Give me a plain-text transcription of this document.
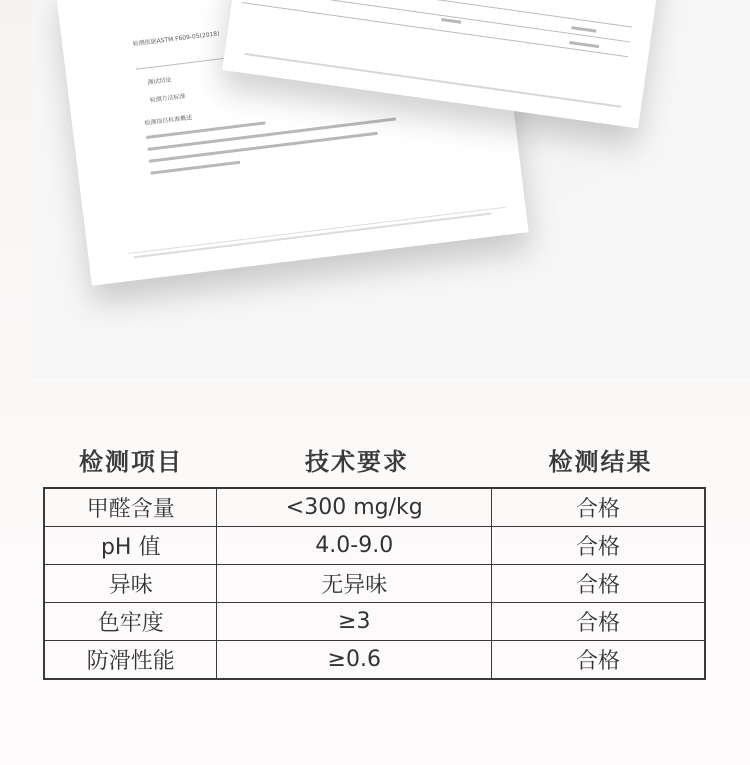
检测依据ASTM F609-05(2018)
测试结论
检测方法标准
检测项目标准概述
检测项目	技术要求	检测结果
甲醛含量	<300 mg/kg	合格
pH 值	4.0-9.0	合格
异味	无异味	合格
色牢度	≥3	合格
防滑性能	≥0.6	合格
